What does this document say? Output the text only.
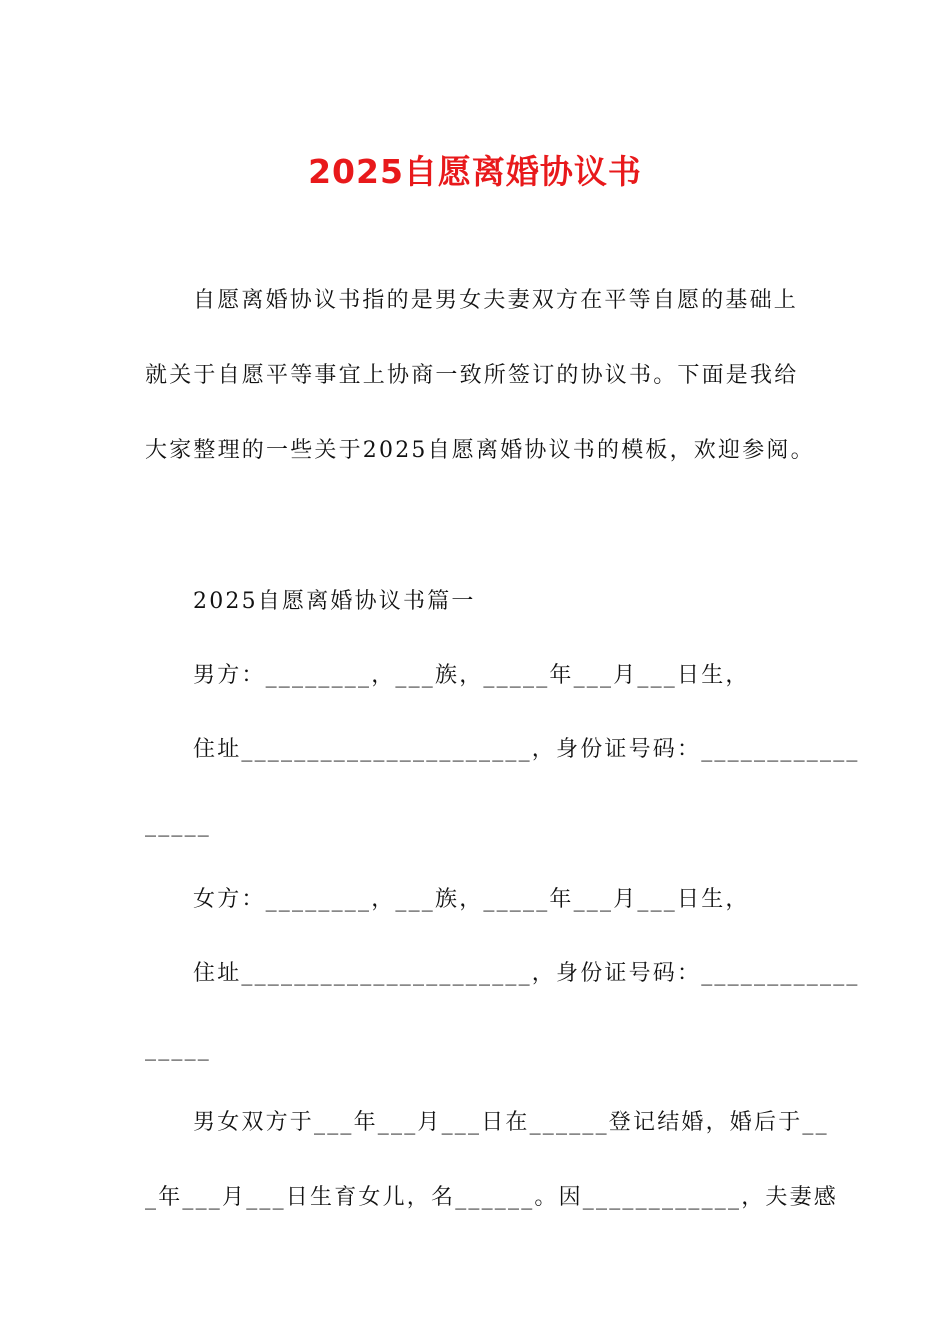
2025自愿离婚协议书
自愿离婚协议书指的是男女夫妻双方在平等自愿的基础上
就关于自愿平等事宜上协商一致所签订的协议书。下面是我给
大家整理的一些关于2025自愿离婚协议书的模板，欢迎参阅。
2025自愿离婚协议书篇一
男方：________，___族，_____年___月___日生，
住址______________________，身份证号码：____________
_____
女方：________，___族，_____年___月___日生，
住址______________________，身份证号码：____________
_____
男女双方于___年___月___日在______登记结婚，婚后于__
_年___月___日生育女儿，名______。因____________，夫妻感
